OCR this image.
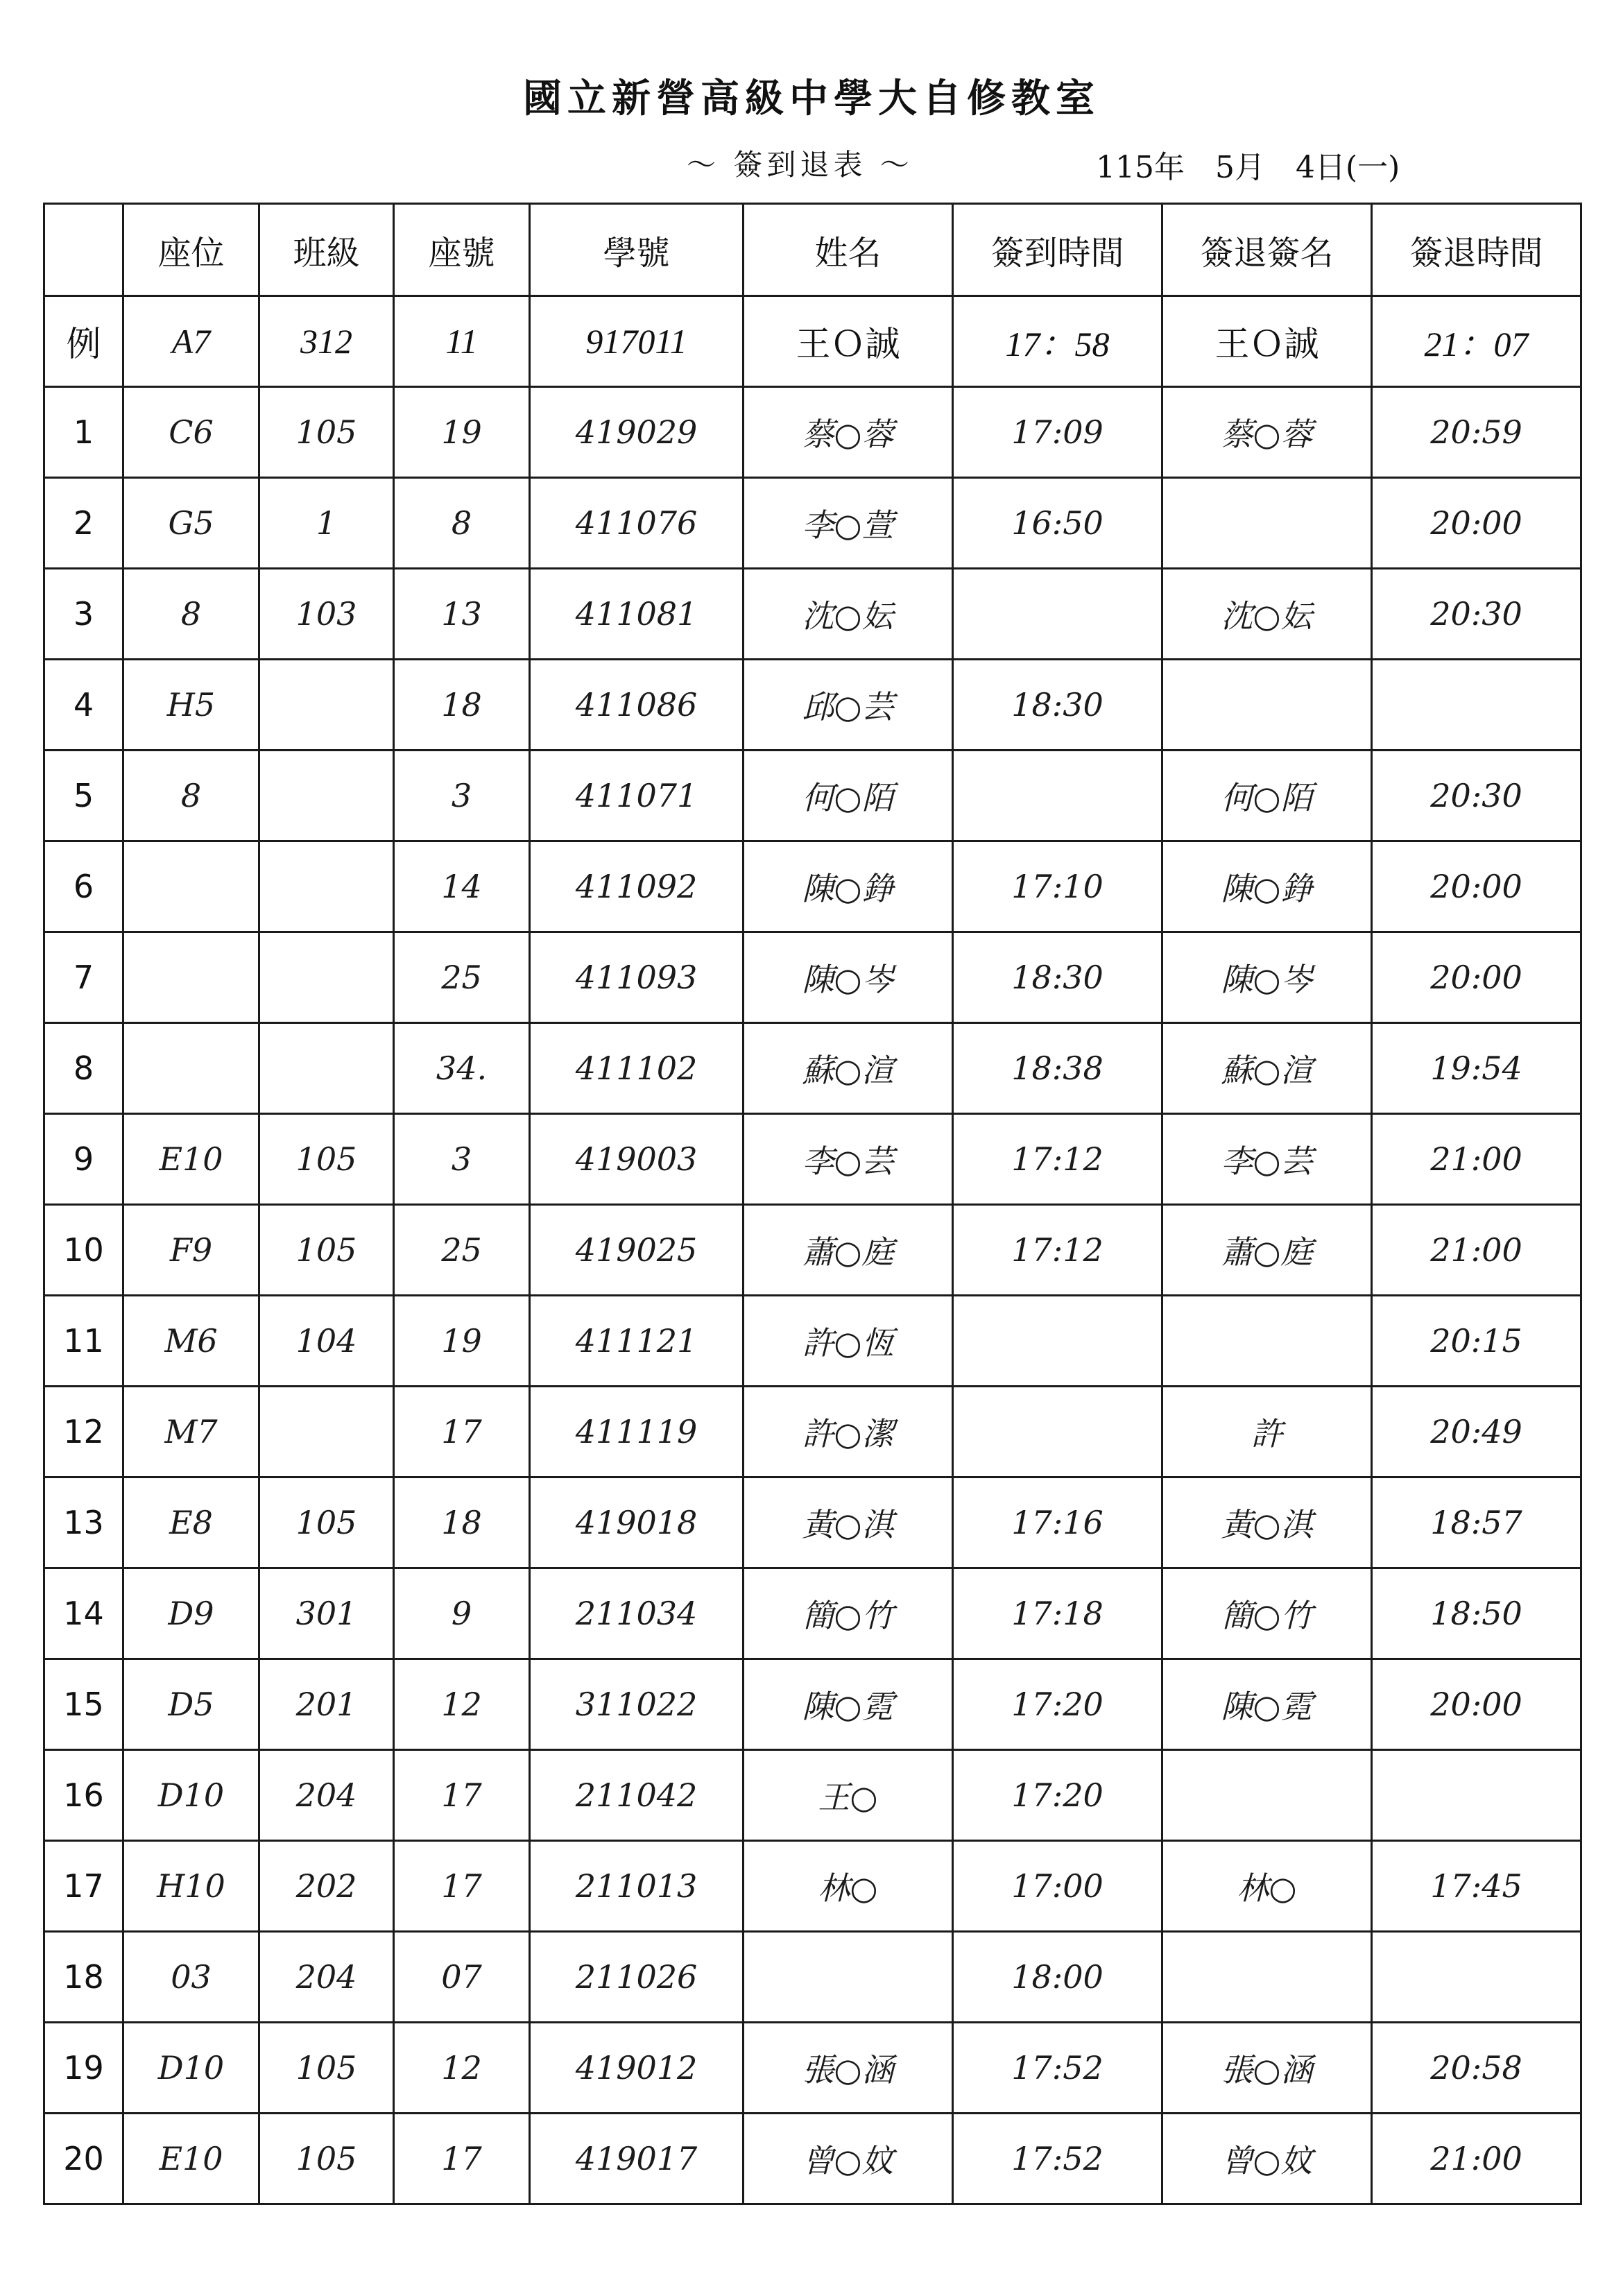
國立新營高級中學大自修教室
～ 簽到退表 ～	115年　5月　4日(一)
	座位	班級	座號	學號	姓名	簽到時間	簽退簽名	簽退時間
例	A7	312	11	917011	王Ｏ誠	17：58	王Ｏ誠	21：07
1	C6	105	19	419029	蔡○蓉	17:09	蔡○蓉	20:59
2	G5	1	8	411076	李○萱	16:50		20:00
3	8	103	13	411081	沈○妘		沈○妘	20:30
4	H5		18	411086	邱○芸	18:30		
5	8		3	411071	何○陌		何○陌	20:30
6			14	411092	陳○錚	17:10	陳○錚	20:00
7			25	411093	陳○岑	18:30	陳○岑	20:00
8			34.	411102	蘇○渲	18:38	蘇○渲	19:54
9	E10	105	3	419003	李○芸	17:12	李○芸	21:00
10	F9	105	25	419025	蕭○庭	17:12	蕭○庭	21:00
11	M6	104	19	411121	許○恆			20:15
12	M7		17	411119	許○潔		許	20:49
13	E8	105	18	419018	黃○淇	17:16	黃○淇	18:57
14	D9	301	9	211034	簡○竹	17:18	簡○竹	18:50
15	D5	201	12	311022	陳○霓	17:20	陳○霓	20:00
16	D10	204	17	211042	王○	17:20		
17	H10	202	17	211013	林○	17:00	林○	17:45
18	03	204	07	211026		18:00		
19	D10	105	12	419012	張○涵	17:52	張○涵	20:58
20	E10	105	17	419017	曾○妏	17:52	曾○妏	21:00
